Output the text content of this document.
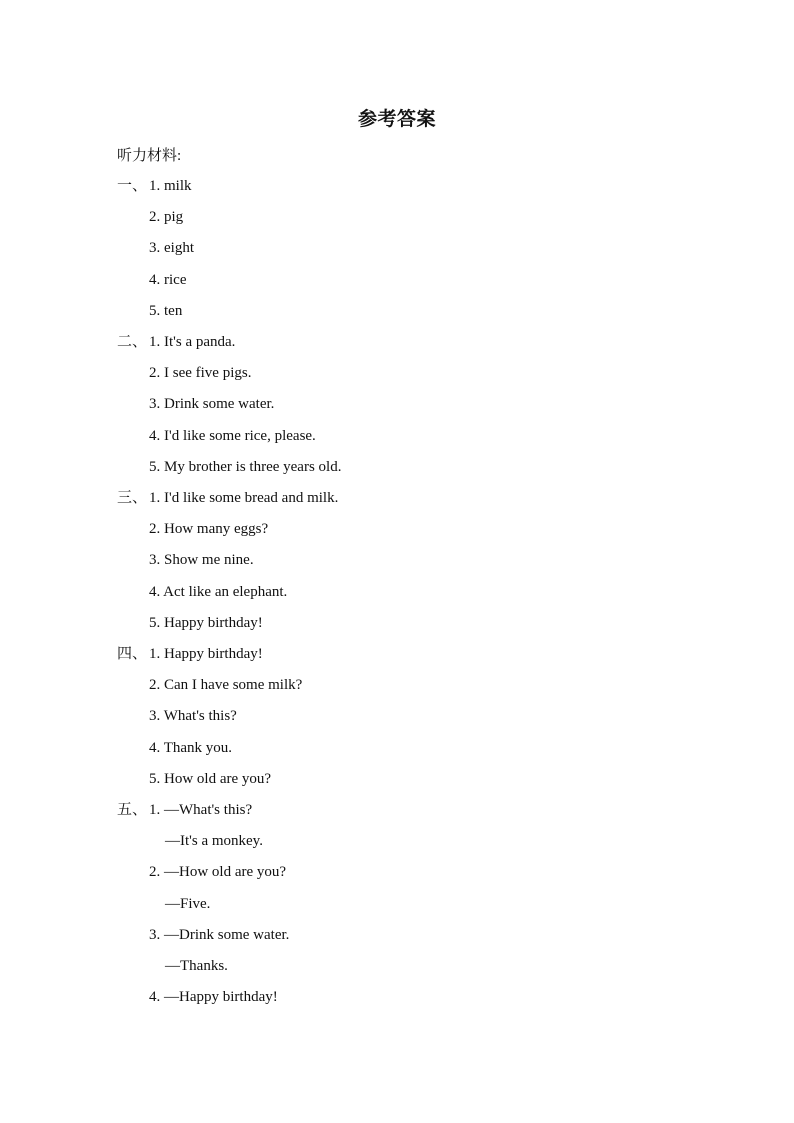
参考答案
听力材料:
一、 1. milk
2. pig
3. eight
4. rice
5. ten
二、 1. It's a panda.
2. I see five pigs.
3. Drink some water.
4. I'd like some rice, please.
5. My brother is three years old.
三、 1. I'd like some bread and milk.
2. How many eggs?
3. Show me nine.
4. Act like an elephant.
5. Happy birthday!
四、 1. Happy birthday!
2. Can I have some milk?
3. What's this?
4. Thank you.
5. How old are you?
五、 1. —What's this?
—It's a monkey.
2. —How old are you?
—Five.
3. —Drink some water.
—Thanks.
4. —Happy birthday!
